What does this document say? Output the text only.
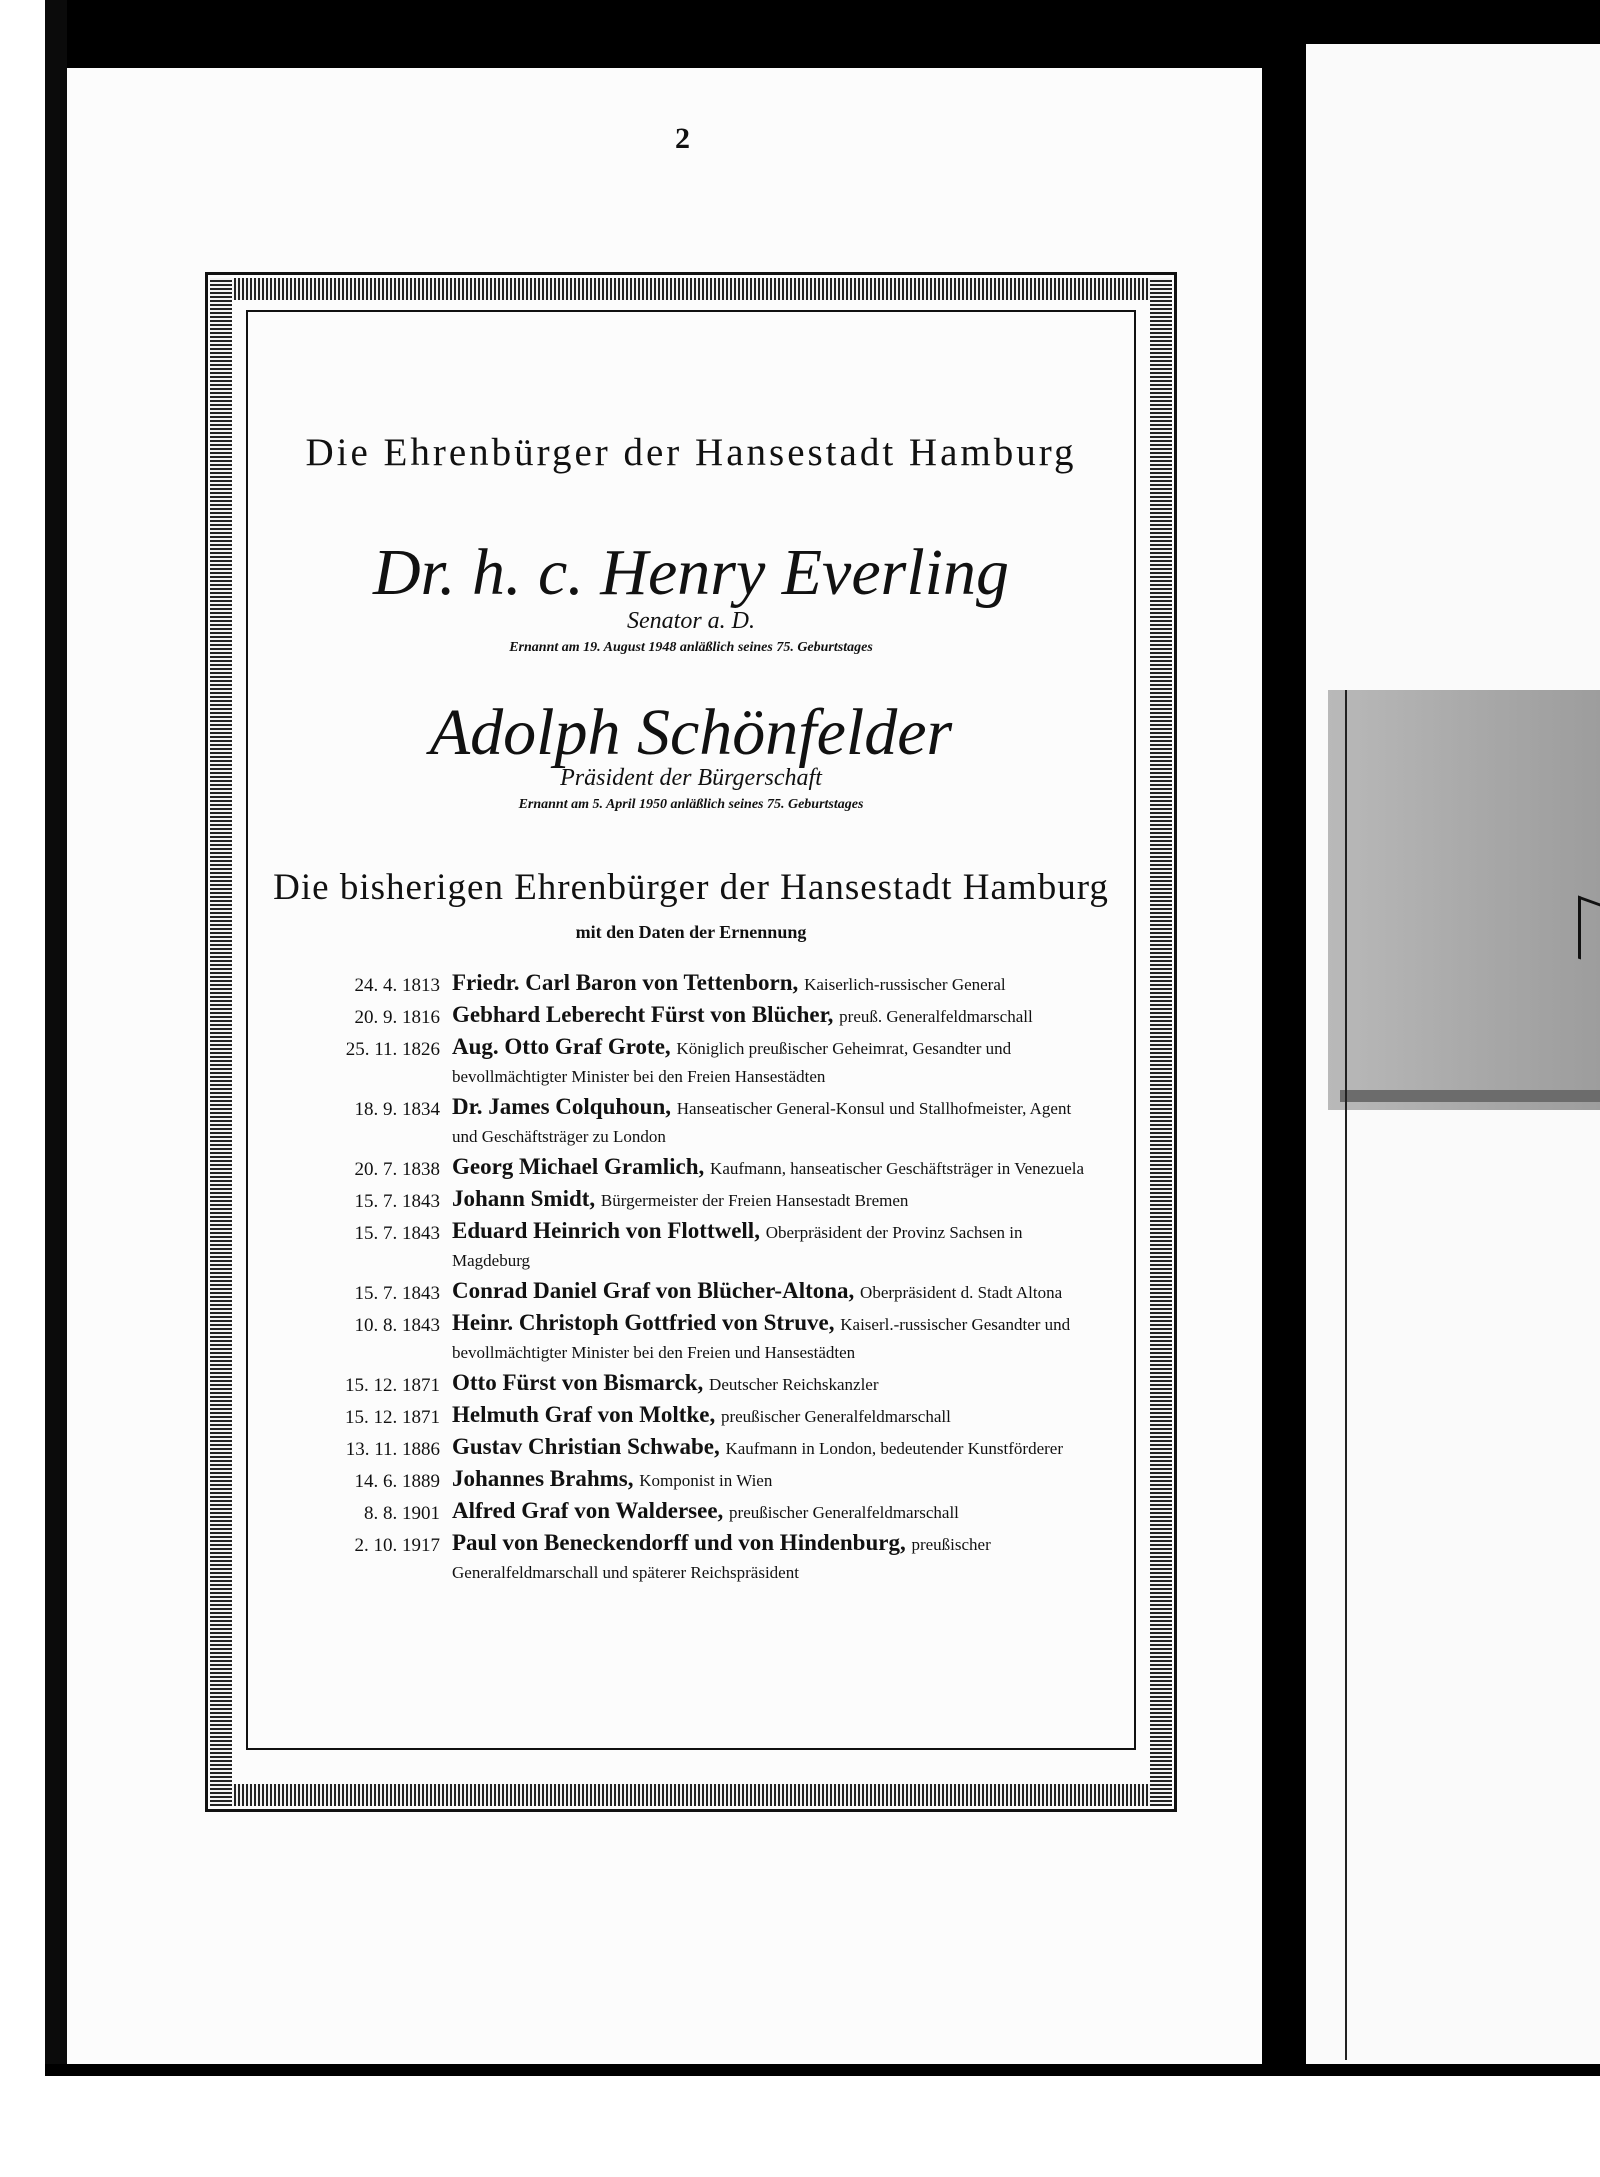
2
Die Ehrenbürger der Hansestadt Hamburg
Dr. h. c. Henry Everling
Senator a. D.
Ernannt am 19. August 1948 anläßlich seines 75. Geburtstages
Adolph Schönfelder
Präsident der Bürgerschaft
Ernannt am 5. April 1950 anläßlich seines 75. Geburtstages
Die bisherigen Ehrenbürger der Hansestadt Hamburg
mit den Daten der Ernennung
24. 4. 1813 Friedr. Carl Baron von Tettenborn, Kaiserlich-russischer General
20. 9. 1816 Gebhard Leberecht Fürst von Blücher, preuß. Generalfeldmarschall
25. 11. 1826 Aug. Otto Graf Grote, Königlich preußischer Geheimrat, Gesandter und bevollmächtigter Minister bei den Freien Hansestädten
18. 9. 1834 Dr. James Colquhoun, Hanseatischer General-Konsul und Stallhofmeister, Agent und Geschäftsträger zu London
20. 7. 1838 Georg Michael Gramlich, Kaufmann, hanseatischer Geschäftsträger in Venezuela
15. 7. 1843 Johann Smidt, Bürgermeister der Freien Hansestadt Bremen
15. 7. 1843 Eduard Heinrich von Flottwell, Oberpräsident der Provinz Sachsen in Magdeburg
15. 7. 1843 Conrad Daniel Graf von Blücher-Altona, Oberpräsident d. Stadt Altona
10. 8. 1843 Heinr. Christoph Gottfried von Struve, Kaiserl.-russischer Gesandter und bevollmächtigter Minister bei den Freien und Hansestädten
15. 12. 1871 Otto Fürst von Bismarck, Deutscher Reichskanzler
15. 12. 1871 Helmuth Graf von Moltke, preußischer Generalfeldmarschall
13. 11. 1886 Gustav Christian Schwabe, Kaufmann in London, bedeutender Kunstförderer
14. 6. 1889 Johannes Brahms, Komponist in Wien
8. 8. 1901 Alfred Graf von Waldersee, preußischer Generalfeldmarschall
2. 10. 1917 Paul von Beneckendorff und von Hindenburg, preußischer Generalfeldmarschall und späterer Reichspräsident
